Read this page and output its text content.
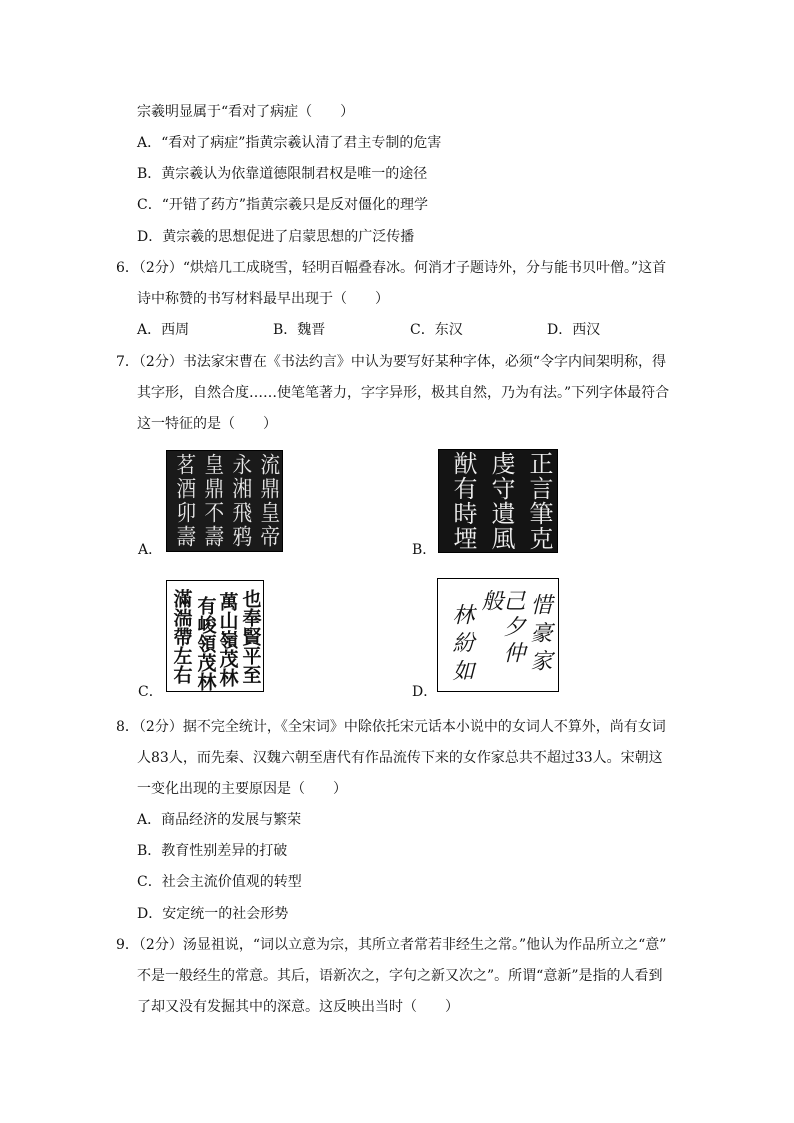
宗羲明显属于“看对了病症（　　）
A．“看对了病症”指黄宗羲认清了君主专制的危害
B．黄宗羲认为依靠道德限制君权是唯一的途径
C．“开错了药方”指黄宗羲只是反对僵化的理学
D．黄宗羲的思想促进了启蒙思想的广泛传播
6．（2分）“烘焙几工成晓雪，轻明百幅叠春冰。何消才子题诗外，分与能书贝叶僧。”这首
诗中称赞的书写材料最早出现于（　　）
A．西周	B．魏晋	C．东汉	D．西汉
7．（2分）书法家宋曹在《书法约言》中认为要写好某种字体，必须“令字内间架明称，得
其字形，自然合度……使笔笔著力，字字异形，极其自然，乃为有法。”下列字体最符合
这一特征的是（　　）
流鼎皇帝
永湘飛鸦
皇鼎不壽
茗酒卯壽
A．	正言筆克
虔守遺風
猷有時堙
B．
也奉賢平至
萬山嶺茂林
有峻領茂林
滿湍帶左右
C．
惜豪家
己夕仲般
林紛如
D．
8．（2分）据不完全统计，《全宋词》中除依托宋元话本小说中的女词人不算外，尚有女词
人83人，而先秦、汉魏六朝至唐代有作品流传下来的女作家总共不超过33人。宋朝这
一变化出现的主要原因是（　　）
A．商品经济的发展与繁荣
B．教育性别差异的打破
C．社会主流价值观的转型
D．安定统一的社会形势
9．（2分）汤显祖说，“词以立意为宗，其所立者常若非经生之常。”他认为作品所立之“意”
不是一般经生的常意。其后，语新次之，字句之新又次之”。所谓“意新”是指的人看到
了却又没有发掘其中的深意。这反映出当时（　　）
